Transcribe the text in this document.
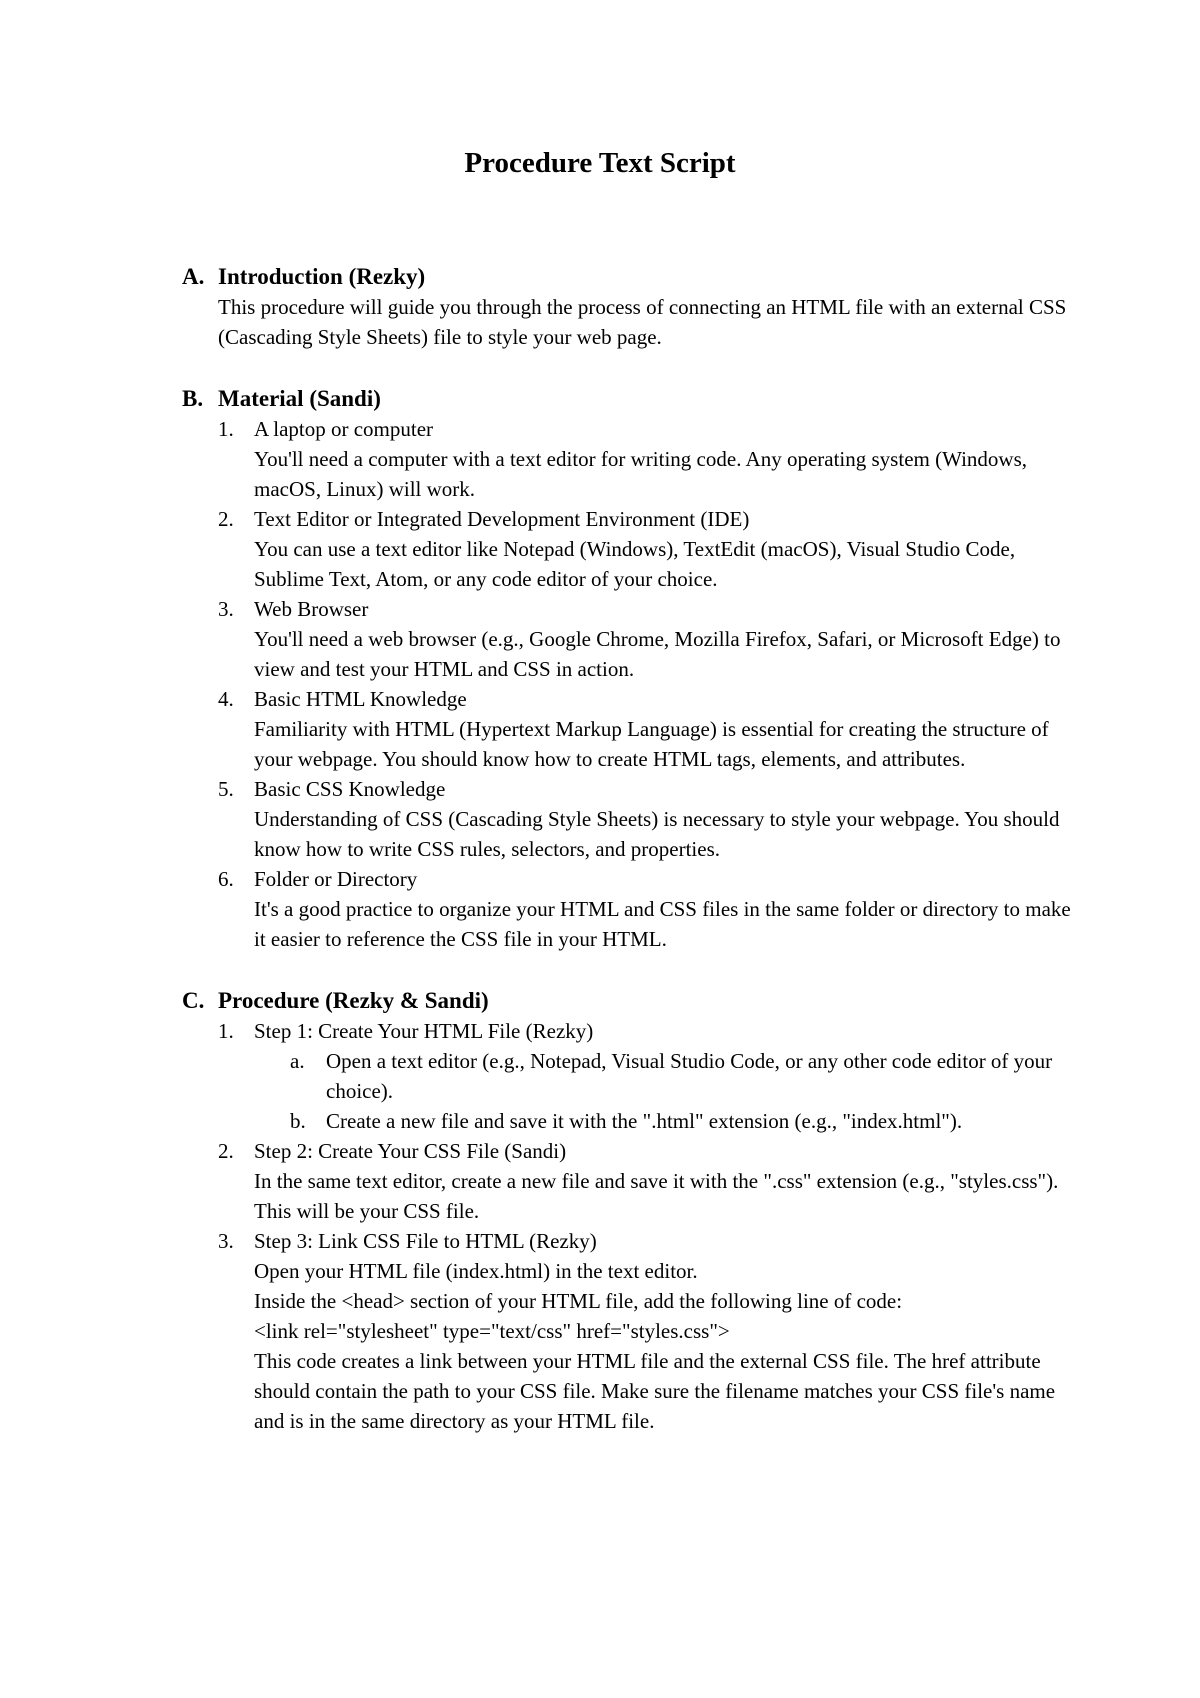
Procedure Text Script
A. Introduction (Rezky)

This procedure will guide you through the process of connecting an HTML file with an external CSS (Cascading Style Sheets) file to style your web page.

B. Material (Sandi)
1. A laptop or computer
You'll need a computer with a text editor for writing code. Any operating system (Windows, macOS, Linux) will work.
2. Text Editor or Integrated Development Environment (IDE)
You can use a text editor like Notepad (Windows), TextEdit (macOS), Visual Studio Code, Sublime Text, Atom, or any code editor of your choice.
3. Web Browser
You'll need a web browser (e.g., Google Chrome, Mozilla Firefox, Safari, or Microsoft Edge) to view and test your HTML and CSS in action.
4. Basic HTML Knowledge
Familiarity with HTML (Hypertext Markup Language) is essential for creating the structure of your webpage. You should know how to create HTML tags, elements, and attributes.
5. Basic CSS Knowledge
Understanding of CSS (Cascading Style Sheets) is necessary to style your webpage. You should know how to write CSS rules, selectors, and properties.
6. Folder or Directory
It's a good practice to organize your HTML and CSS files in the same folder or directory to make it easier to reference the CSS file in your HTML.
C. Procedure (Rezky & Sandi)
1. Step 1: Create Your HTML File (Rezky)
a.	Open a text editor (e.g., Notepad, Visual Studio Code, or any other code editor of your choice).
b. Create a new file and save it with the ".html" extension (e.g., "index.html").
2. Step 2: Create Your CSS File (Sandi)
In the same text editor, create a new file and save it with the ".css" extension (e.g., "styles.css"). This will be your CSS file.
3. Step 3: Link CSS File to HTML (Rezky)
Open your HTML file (index.html) in the text editor.
Inside the <head> section of your HTML file, add the following line of code:
<link rel="stylesheet" type="text/css" href="styles.css">
This code creates a link between your HTML file and the external CSS file. The href attribute should contain the path to your CSS file. Make sure the filename matches your CSS file's name and is in the same directory as your HTML file.
